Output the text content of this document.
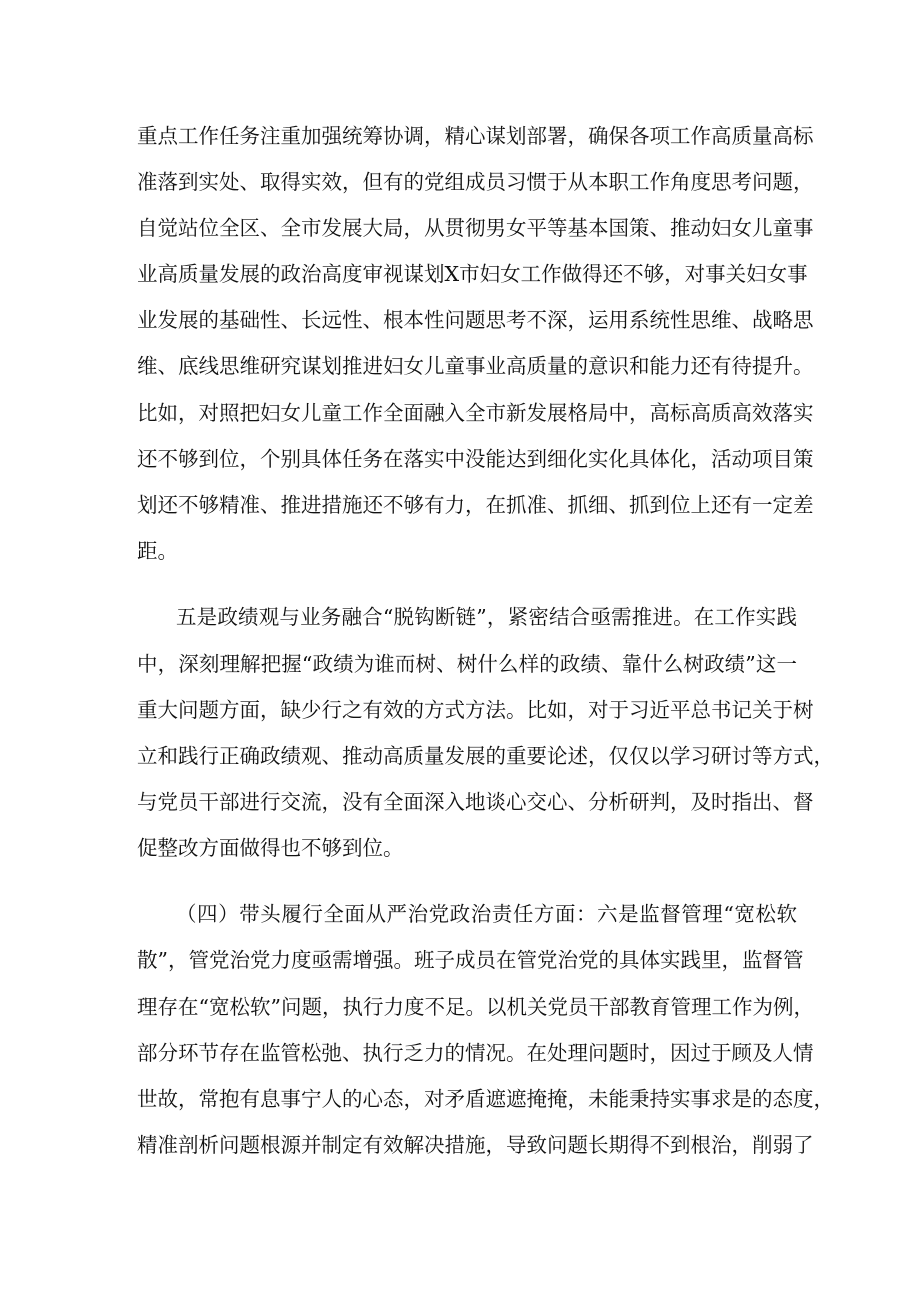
重点工作任务注重加强统筹协调，精心谋划部署，确保各项工作高质量高标
准落到实处、取得实效，但有的党组成员习惯于从本职工作角度思考问题，
自觉站位全区、全市发展大局，从贯彻男女平等基本国策、推动妇女儿童事
业高质量发展的政治高度审视谋划X市妇女工作做得还不够，对事关妇女事
业发展的基础性、长远性、根本性问题思考不深，运用系统性思维、战略思
维、底线思维研究谋划推进妇女儿童事业高质量的意识和能力还有待提升。
比如，对照把妇女儿童工作全面融入全市新发展格局中，高标高质高效落实
还不够到位，个别具体任务在落实中没能达到细化实化具体化，活动项目策
划还不够精准、推进措施还不够有力，在抓准、抓细、抓到位上还有一定差
距。
五是政绩观与业务融合“脱钩断链”，紧密结合亟需推进。在工作实践
中，深刻理解把握“政绩为谁而树、树什么样的政绩、靠什么树政绩”这一
重大问题方面，缺少行之有效的方式方法。比如，对于习近平总书记关于树
立和践行正确政绩观、推动高质量发展的重要论述，仅仅以学习研讨等方式，
与党员干部进行交流，没有全面深入地谈心交心、分析研判，及时指出、督
促整改方面做得也不够到位。
（四）带头履行全面从严治党政治责任方面：六是监督管理“宽松软
散”，管党治党力度亟需增强。班子成员在管党治党的具体实践里，监督管
理存在“宽松软”问题，执行力度不足。以机关党员干部教育管理工作为例，
部分环节存在监管松弛、执行乏力的情况。在处理问题时，因过于顾及人情
世故，常抱有息事宁人的心态，对矛盾遮遮掩掩，未能秉持实事求是的态度，
精准剖析问题根源并制定有效解决措施，导致问题长期得不到根治，削弱了
